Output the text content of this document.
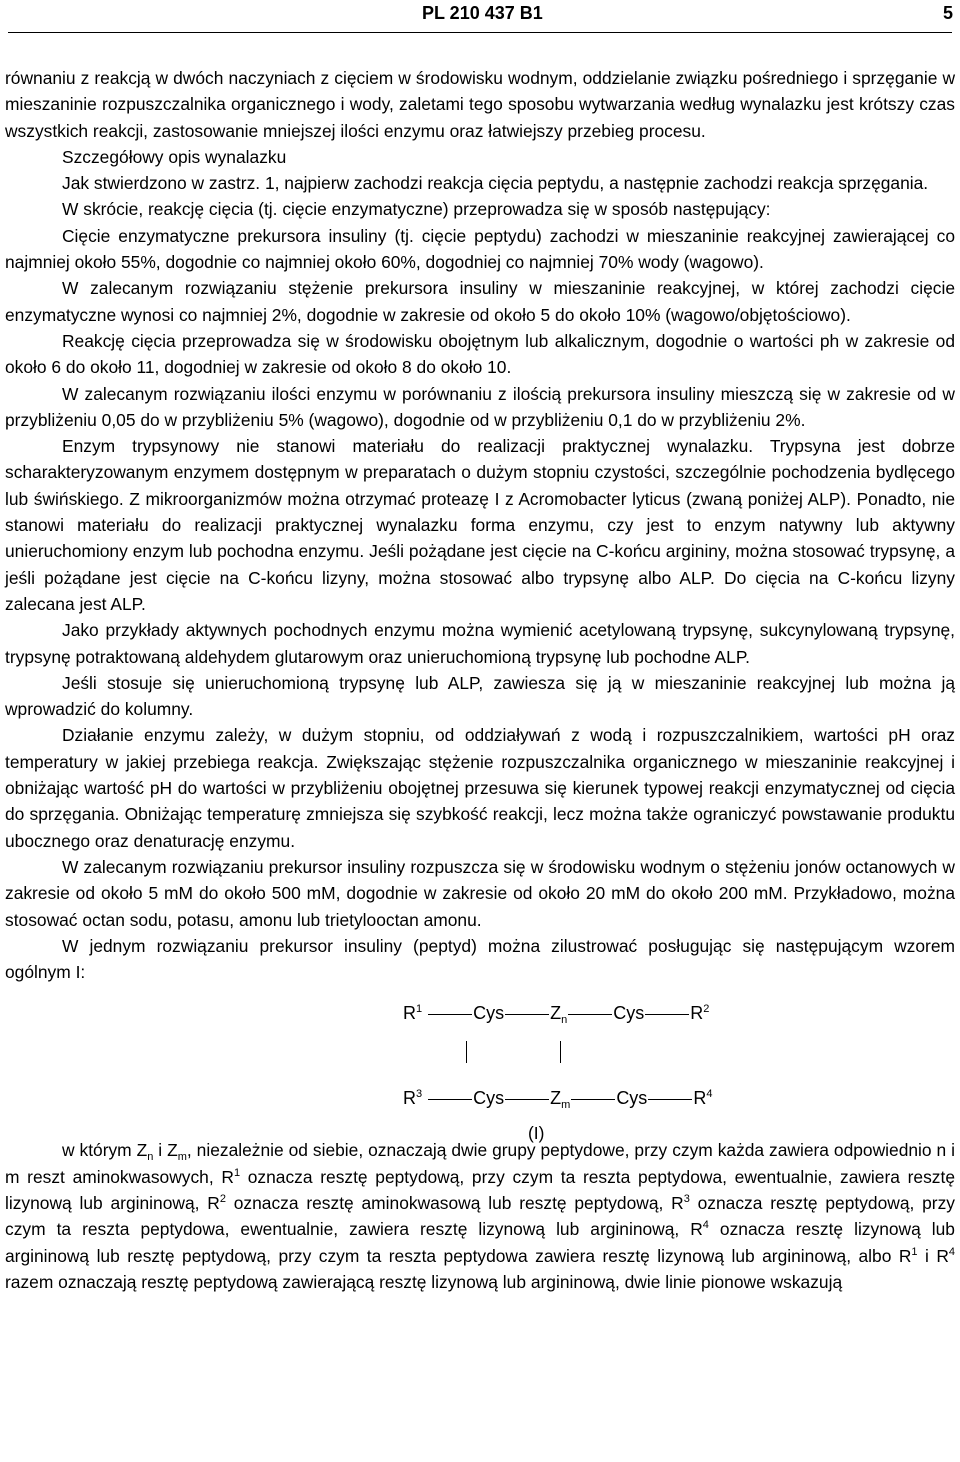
PL 210 437 B1	5

równaniu z reakcją w dwóch naczyniach z cięciem w środowisku wodnym, oddzielanie związku pośredniego i sprzęganie w mieszaninie rozpuszczalnika organicznego i wody, zaletami tego sposobu wytwarzania według wynalazku jest krótszy czas wszystkich reakcji, zastosowanie mniejszej ilości enzymu oraz łatwiejszy przebieg procesu.

Szczegółowy opis wynalazku

Jak stwierdzono w zastrz. 1, najpierw zachodzi reakcja cięcia peptydu, a następnie zachodzi reakcja sprzęgania.

W skrócie, reakcję cięcia (tj. cięcie enzymatyczne) przeprowadza się w sposób następujący:

Cięcie enzymatyczne prekursora insuliny (tj. cięcie peptydu) zachodzi w mieszaninie reakcyjnej zawierającej co najmniej około 55%, dogodnie co najmniej około 60%, dogodniej co najmniej 70% wody (wagowo).

W zalecanym rozwiązaniu stężenie prekursora insuliny w mieszaninie reakcyjnej, w której zachodzi cięcie enzymatyczne wynosi co najmniej 2%, dogodnie w zakresie od około 5 do około 10% (wagowo/objętościowo).

Reakcję cięcia przeprowadza się w środowisku obojętnym lub alkalicznym, dogodnie o wartości ph w zakresie od około 6 do około 11, dogodniej w zakresie od około 8 do około 10.

W zalecanym rozwiązaniu ilości enzymu w porównaniu z ilością prekursora insuliny mieszczą się w zakresie od w przybliżeniu 0,05 do w przybliżeniu 5% (wagowo), dogodnie od w przybliżeniu 0,1 do w przybliżeniu 2%.

Enzym trypsynowy nie stanowi materiału do realizacji praktycznej wynalazku. Trypsyna jest dobrze scharakteryzowanym enzymem dostępnym w preparatach o dużym stopniu czystości, szczególnie pochodzenia bydlęcego lub świńskiego. Z mikroorganizmów można otrzymać proteazę I z Acromobacter lyticus (zwaną poniżej ALP). Ponadto, nie stanowi materiału do realizacji praktycznej wynalazku forma enzymu, czy jest to enzym natywny lub aktywny unieruchomiony enzym lub pochodna enzymu. Jeśli pożądane jest cięcie na C-końcu argininy, można stosować trypsynę, a jeśli pożądane jest cięcie na C-końcu lizyny, można stosować albo trypsynę albo ALP. Do cięcia na C-końcu lizyny zalecana jest ALP.

Jako przykłady aktywnych pochodnych enzymu można wymienić acetylowaną trypsynę, sukcynylowaną trypsynę, trypsynę potraktowaną aldehydem glutarowym oraz unieruchomioną trypsynę lub pochodne ALP.

Jeśli stosuje się unieruchomioną trypsynę lub ALP, zawiesza się ją w mieszaninie reakcyjnej lub można ją wprowadzić do kolumny.

Działanie enzymu zależy, w dużym stopniu, od oddziaływań z wodą i rozpuszczalnikiem, wartości pH oraz temperatury w jakiej przebiega reakcja. Zwiększając stężenie rozpuszczalnika organicznego w mieszaninie reakcyjnej i obniżając wartość pH do wartości w przybliżeniu obojętnej przesuwa się kierunek typowej reakcji enzymatycznej od cięcia do sprzęgania. Obniżając temperaturę zmniejsza się szybkość reakcji, lecz można także ograniczyć powstawanie produktu ubocznego oraz denaturację enzymu.

W zalecanym rozwiązaniu prekursor insuliny rozpuszcza się w środowisku wodnym o stężeniu jonów octanowych w zakresie od około 5 mM do około 500 mM, dogodnie w zakresie od około 20 mM do około 200 mM. Przykładowo, można stosować octan sodu, potasu, amonu lub trietylooctan amonu.

W jednym rozwiązaniu prekursor insuliny (peptyd) można zilustrować posługując się następującym wzorem ogólnym I:

$R^1$	Cys	$Z_n$	Cys	$R^2$
$R^3$	Cys	$Z_m$	Cys	$R^4$
(I)

w którym $Z_n$ i $Z_m$, niezależnie od siebie, oznaczają dwie grupy peptydowe, przy czym każda zawiera odpowiednio n i m reszt aminokwasowych, $R^1$ oznacza resztę peptydową, przy czym ta reszta peptydowa, ewentualnie, zawiera resztę lizynową lub argininową, $R^2$ oznacza resztę aminokwasową lub resztę peptydową, $R^3$ oznacza resztę peptydową, przy czym ta reszta peptydowa, ewentualnie, zawiera resztę lizynową lub argininową, $R^4$ oznacza resztę lizynową lub argininową lub resztę peptydową, przy czym ta reszta peptydowa zawiera resztę lizynową lub argininową, albo $R^1$ i $R^4$ razem oznaczają resztę peptydową zawierającą resztę lizynową lub argininową, dwie linie pionowe wskazują
